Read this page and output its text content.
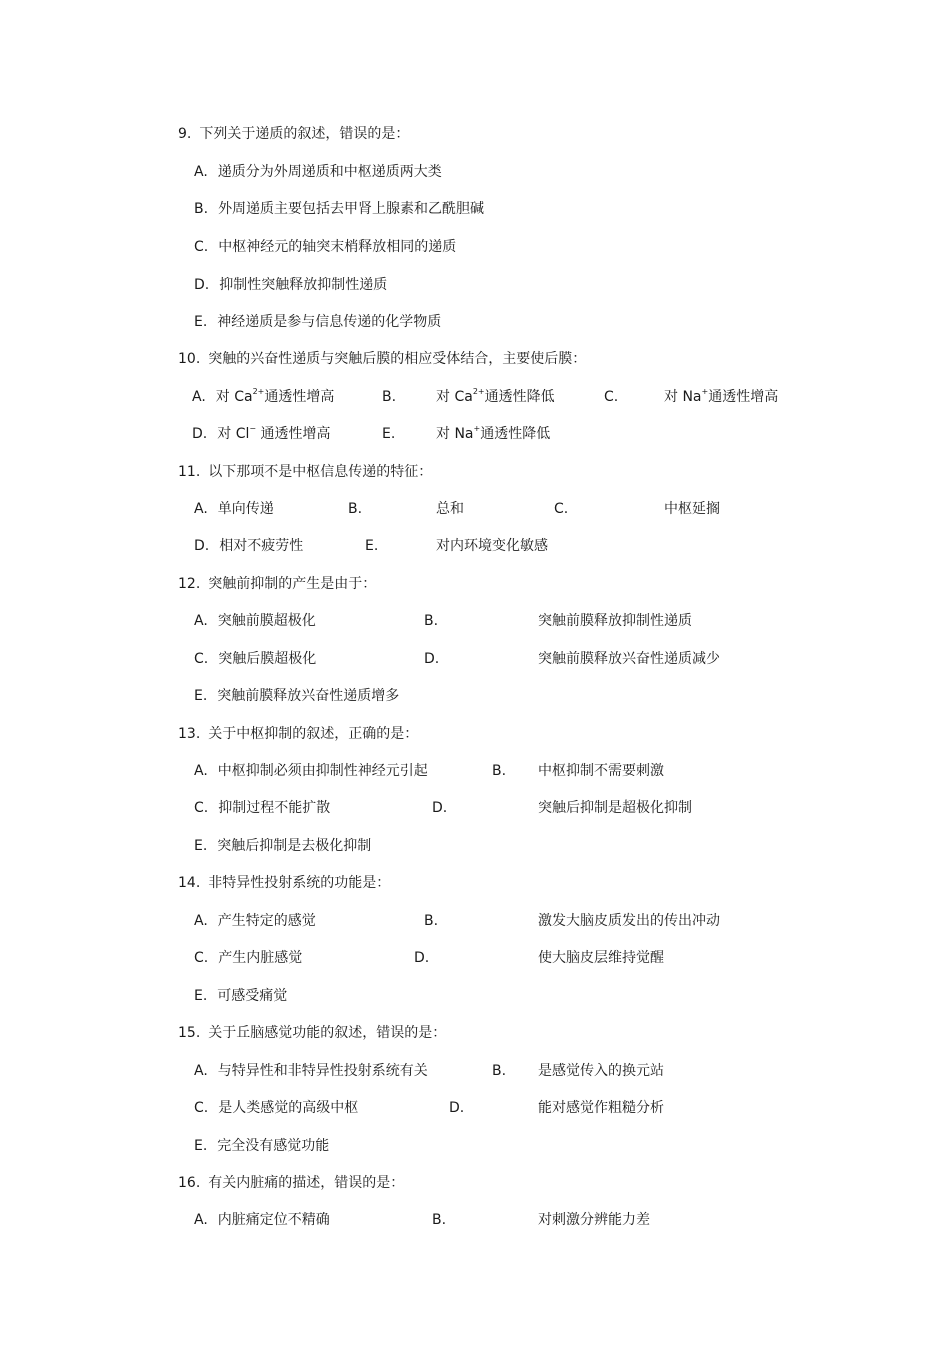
9. 下列关于递质的叙述，错误的是：
A. 递质分为外周递质和中枢递质两大类
B. 外周递质主要包括去甲肾上腺素和乙酰胆碱
C. 中枢神经元的轴突末梢释放相同的递质
D. 抑制性突触释放抑制性递质
E. 神经递质是参与信息传递的化学物质
10. 突触的兴奋性递质与突触后膜的相应受体结合，主要使后膜：
A. 对 $Ca^{2+}$通透性增高	B.	对 $Ca^{2+}$通透性降低	C.	对 Na+通透性增高
D. 对 Cl− 通透性增高	E.	对 Na+通透性降低
11. 以下那项不是中枢信息传递的特征：
A. 单向传递	B.	总和	C.	中枢延搁
D. 相对不疲劳性	E.	对内环境变化敏感
12. 突触前抑制的产生是由于：
A. 突触前膜超极化	B.	突触前膜释放抑制性递质
C. 突触后膜超极化	D.	突触前膜释放兴奋性递质减少
E. 突触前膜释放兴奋性递质增多
13. 关于中枢抑制的叙述，正确的是：
A. 中枢抑制必须由抑制性神经元引起	B. 中枢抑制不需要刺激
C. 抑制过程不能扩散	D.	突触后抑制是超极化抑制
E. 突触后抑制是去极化抑制
14. 非特异性投射系统的功能是：
A. 产生特定的感觉	B.	激发大脑皮质发出的传出冲动
C. 产生内脏感觉	D.	使大脑皮层维持觉醒
E. 可感受痛觉
15. 关于丘脑感觉功能的叙述，错误的是：
A. 与特异性和非特异性投射系统有关	B. 是感觉传入的换元站
C. 是人类感觉的高级中枢	D.	能对感觉作粗糙分析
E. 完全没有感觉功能
16. 有关内脏痛的描述，错误的是：
A. 内脏痛定位不精确	B.	对刺激分辨能力差
